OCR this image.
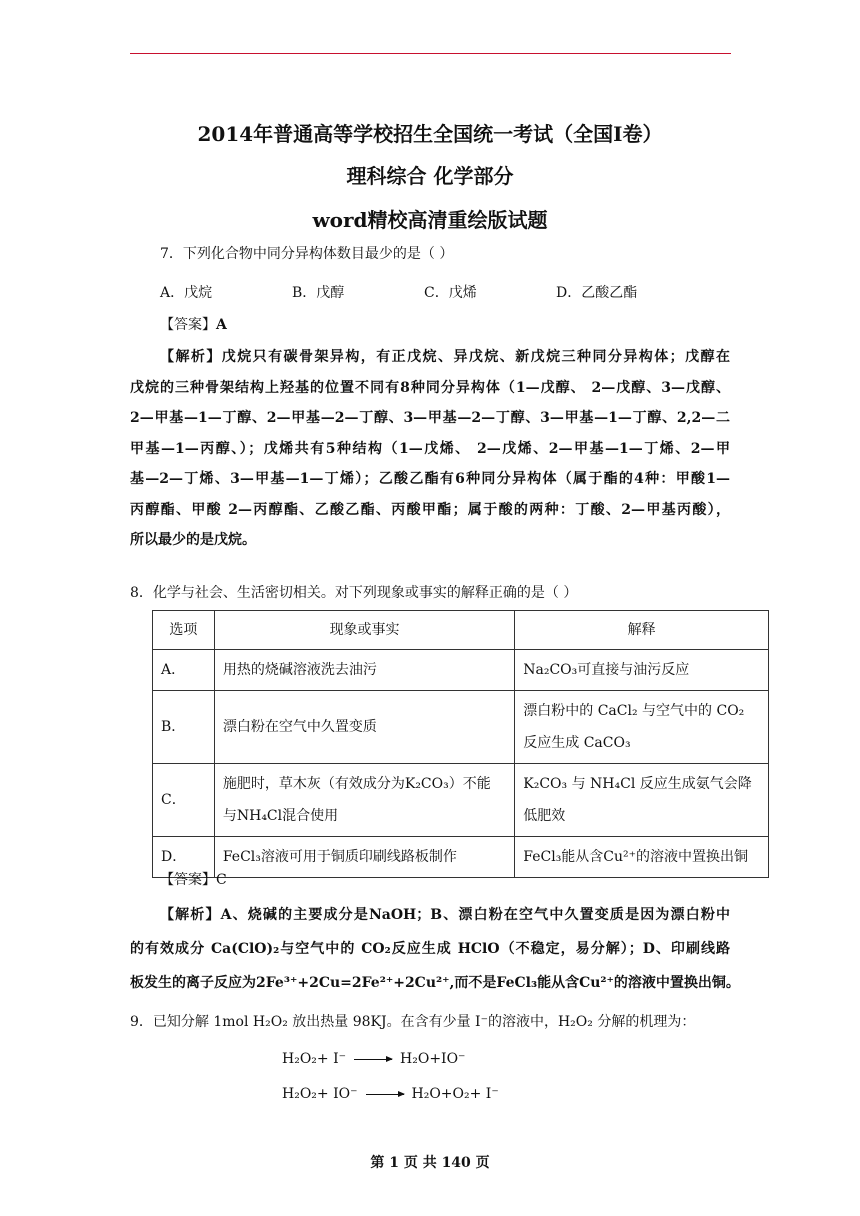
2014年普通高等学校招生全国统一考试（全国I卷）
理科综合 化学部分
word精校高清重绘版试题
7．下列化合物中同分异构体数目最少的是（ ）
A．戊烷	B．戊醇	C．戊烯	D．乙酸乙酯
【答案】A

【解析】戊烷只有碳骨架异构，有正戊烷、异戊烷、新戊烷三种同分异构体；戊醇在

戊烷的三种骨架结构上羟基的位置不同有8种同分异构体（1—戊醇、 2—戊醇、3—戊醇、

2—甲基—1—丁醇、2—甲基—2—丁醇、3—甲基—2—丁醇、3—甲基—1—丁醇、2,2—二

甲基—1—丙醇、）；戊烯共有5种结构（1—戊烯、 2—戊烯、2—甲基—1—丁烯、2—甲

基—2—丁烯、3—甲基—1—丁烯）；乙酸乙酯有6种同分异构体（属于酯的4种：甲酸1—

丙醇酯、甲酸 2—丙醇酯、乙酸乙酯、丙酸甲酯；属于酸的两种：丁酸、2—甲基丙酸），

所以最少的是戊烷。

8．化学与社会、生活密切相关。对下列现象或事实的解释正确的是（ ）
选项	现象或事实	解释
A．	用热的烧碱溶液洗去油污	Na₂CO₃可直接与油污反应

B．	漂白粉在空气中久置变质	漂白粉中的 CaCl₂ 与空气中的 CO₂
反应生成 CaCO₃

C．	施肥时，草木灰（有效成分为K₂CO₃）不能
与NH₄Cl混合使用	K₂CO₃ 与 NH₄Cl 反应生成氨气会降
低肥效

D．	FeCl₃溶液可用于铜质印刷线路板制作	FeCl₃能从含Cu²⁺的溶液中置换出铜
【答案】C

【解析】A、烧碱的主要成分是NaOH；B、漂白粉在空气中久置变质是因为漂白粉中

的有效成分 Ca(ClO)₂与空气中的 CO₂反应生成 HClO（不稳定，易分解）；D、印刷线路

板发生的离子反应为2Fe³⁺+2Cu=2Fe²⁺+2Cu²⁺,而不是FeCl₃能从含Cu²⁺的溶液中置换出铜。

9．已知分解 1mol H₂O₂ 放出热量 98KJ。在含有少量 I⁻的溶液中，H₂O₂ 分解的机理为：
H₂O₂+ I⁻ → H₂O+IO⁻
H₂O₂+ IO⁻ → H₂O+O₂+ I⁻
第 1 页 共 140 页
